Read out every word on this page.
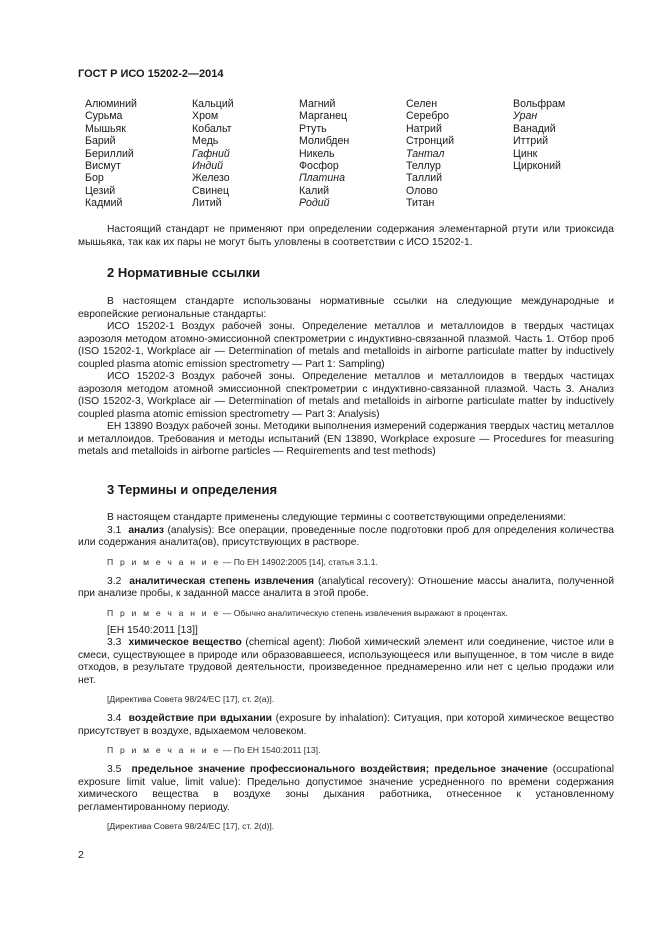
ГОСТ Р ИСО 15202-2—2014
Алюминий
Сурьма
Мышьяк
Барий
Бериллий
Висмут
Бор
Цезий
Кадмий
Кальций
Хром
Кобальт
Медь
Гафний
Индий
Железо
Свинец
Литий
Магний
Марганец
Ртуть
Молибден
Никель
Фосфор
Платина
Калий
Родий
Селен
Серебро
Натрий
Стронций
Тантал
Теллур
Таллий
Олово
Титан
Вольфрам
Уран
Ванадий
Иттрий
Цинк
Цирконий

Настоящий стандарт не применяют при определении содержания элементарной ртути или триоксида мышьяка, так как их пары не могут быть уловлены в соответствии с ИСО 15202-1.

2 Нормативные ссылки

В настоящем стандарте использованы нормативные ссылки на следующие международные и европейские региональные стандарты:

ИСО 15202-1 Воздух рабочей зоны. Определение металлов и металлоидов в твердых частицах аэрозоля методом атомно-эмиссионной спектрометрии с индуктивно-связанной плазмой. Часть 1. Отбор проб (ISO 15202-1, Workplace air — Determination of metals and metalloids in airborne particulate matter by inductively coupled plasma atomic emission spectrometry — Part 1: Sampling)

ИСО 15202-3 Воздух рабочей зоны. Определение металлов и металлоидов в твердых частицах аэрозоля методом атомной эмиссионной спектрометрии с индуктивно-связанной плазмой. Часть 3. Анализ (ISO 15202-3, Workplace air — Determination of metals and metalloids in airborne particulate matter by inductively coupled plasma atomic emission spectrometry — Part 3: Analysis)

ЕН 13890 Воздух рабочей зоны. Методики выполнения измерений содержания твердых частиц металлов и металлоидов. Требования и методы испытаний (EN 13890, Workplace exposure — Procedures for measuring metals and metalloids in airborne particles — Requirements and test methods)

3 Термины и определения

В настоящем стандарте применены следующие термины с соответствующими определениями:

3.1 анализ (analysis): Все операции, проведенные после подготовки проб для определения количества или содержания аналита(ов), присутствующих в растворе.

П р и м е ч а н и е — По ЕН 14902:2005 [14], статья 3.1.1.

3.2 аналитическая степень извлечения (analytical recovery): Отношение массы аналита, полученной при анализе пробы, к заданной массе аналита в этой пробе.

П р и м е ч а н и е — Обычно аналитическую степень извлечения выражают в процентах.

[ЕН 1540:2011 [13]]

3.3 химическое вещество (chemical agent): Любой химический элемент или соединение, чистое или в смеси, существующее в природе или образовавшееся, использующееся или выпущенное, в том числе в виде отходов, в результате трудовой деятельности, произведенное преднамеренно или нет с целью продажи или нет.

[Директива Совета 98/24/ЕС [17], ст. 2(а)].

3.4 воздействие при вдыхании (exposure by inhalation): Ситуация, при которой химическое вещество присутствует в воздухе, вдыхаемом человеком.

П р и м е ч а н и е — По ЕН 1540:2011 [13].

3.5 предельное значение профессионального воздействия; предельное значение (occupational exposure limit value, limit value): Предельно допустимое значение усредненного по времени содержания химического вещества в воздухе зоны дыхания работника, отнесенное к установленному регламентированному периоду.

[Директива Совета 98/24/ЕС [17], ст. 2(d)].
2
